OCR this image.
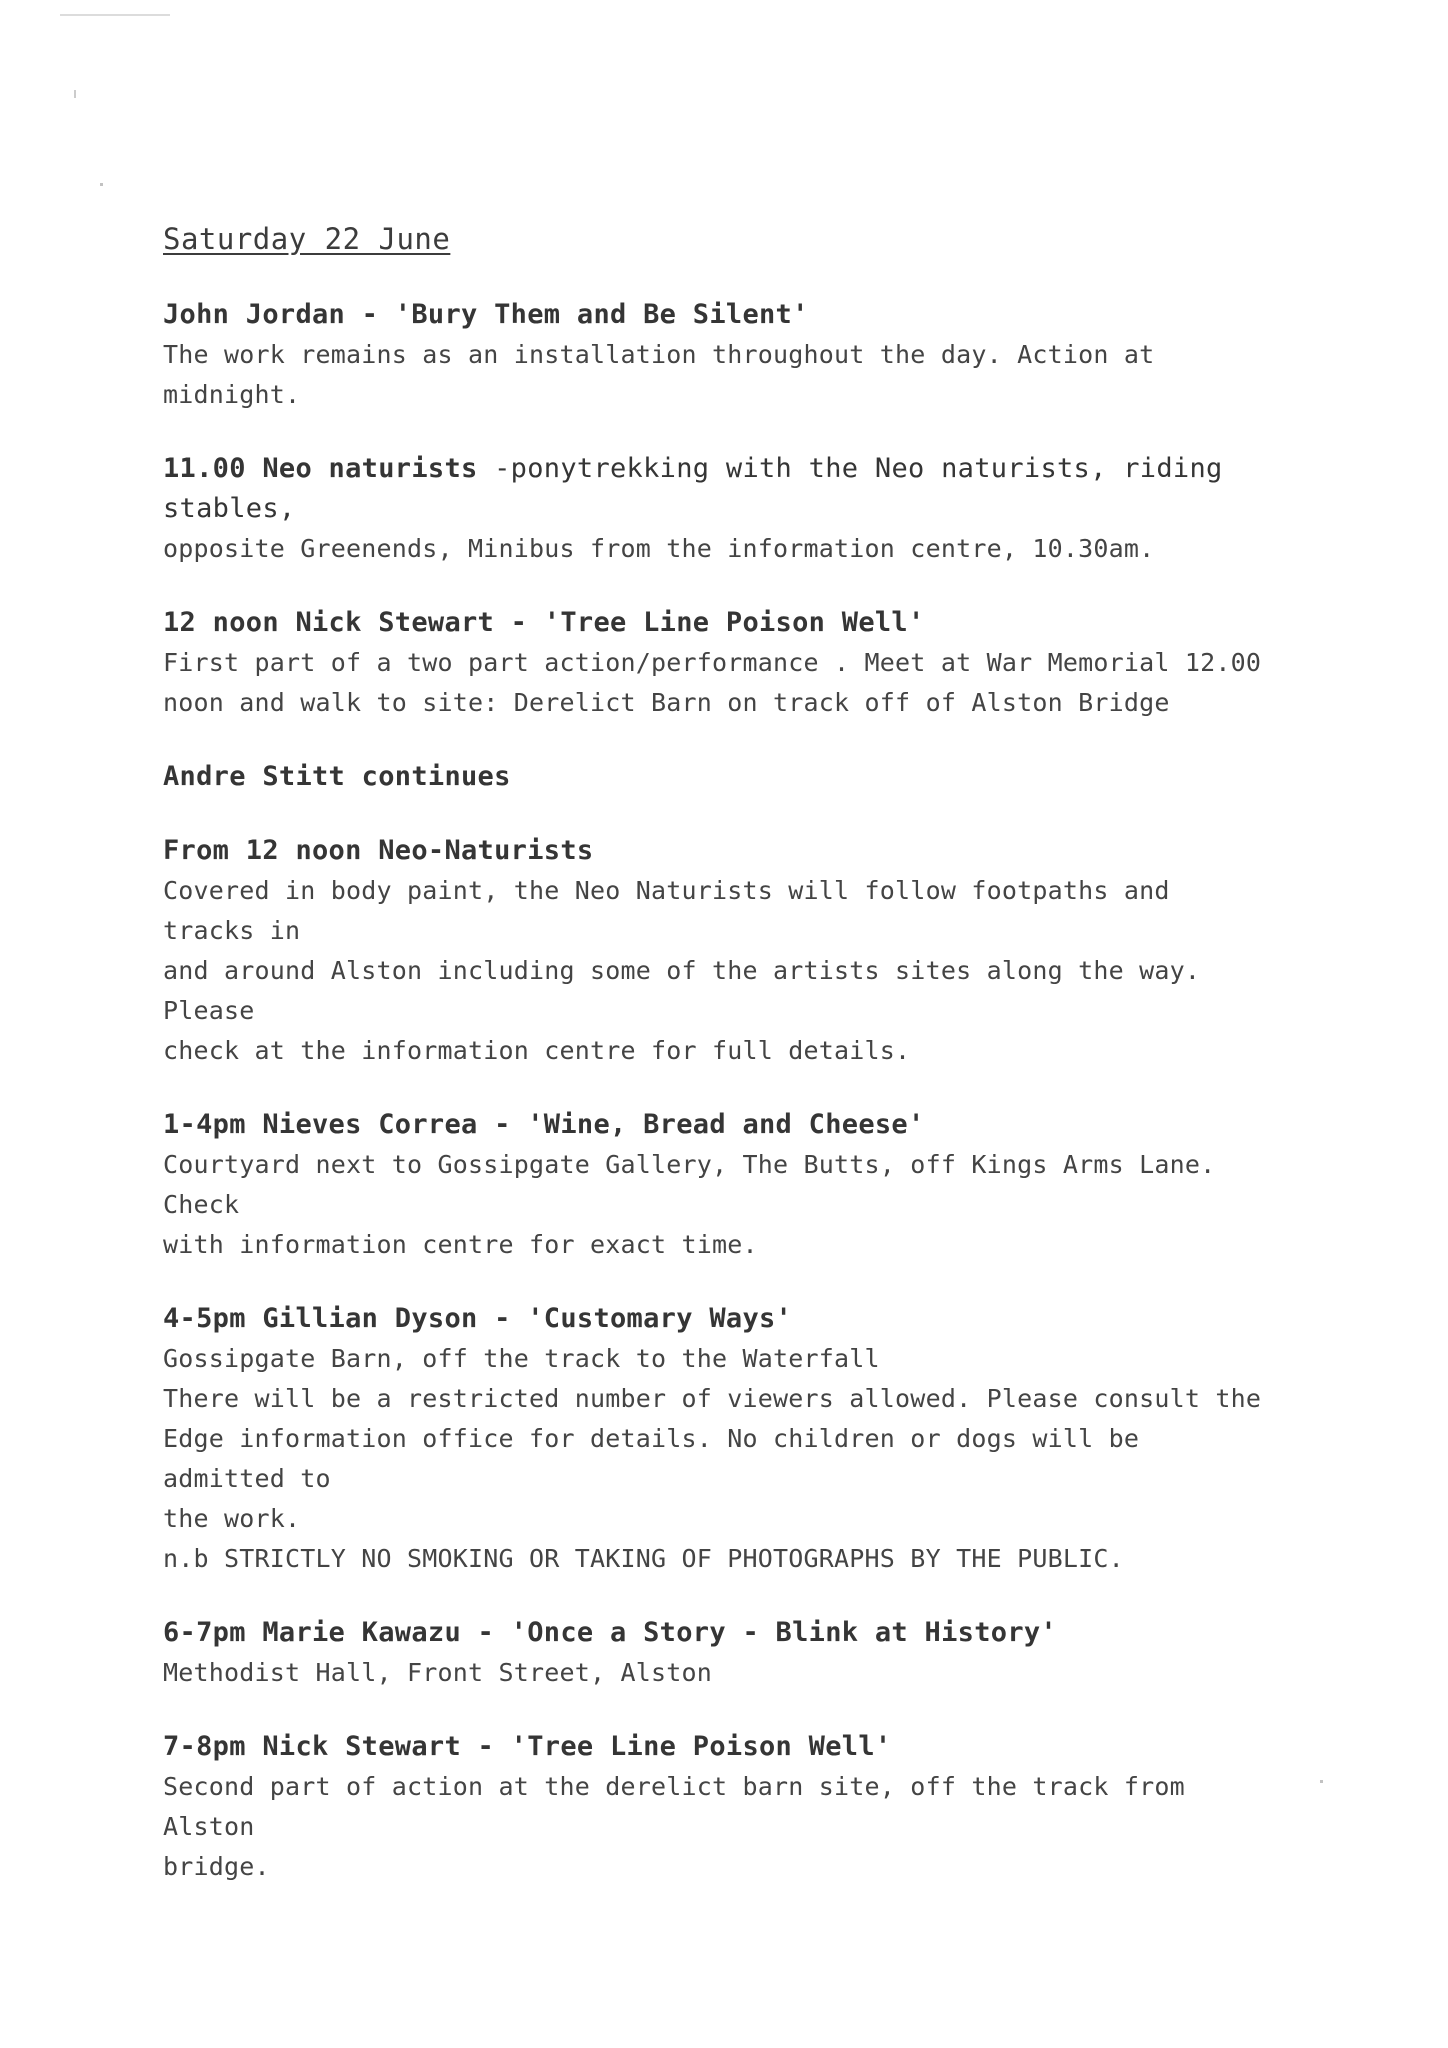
Saturday 22 June
John Jordan - 'Bury Them and Be Silent'
The work remains as an installation throughout the day. Action at midnight.
11.00 Neo naturists -ponytrekking with the Neo naturists, riding stables,
opposite Greenends, Minibus from the information centre, 10.30am.
12 noon Nick Stewart - 'Tree Line Poison Well'
First part of a two part action/performance . Meet at War Memorial 12.00
noon and walk to site: Derelict Barn on track off of Alston Bridge
Andre Stitt continues
From 12 noon Neo-Naturists
Covered in body paint, the Neo Naturists will follow footpaths and tracks in
and around Alston including some of the artists sites along the way. Please
check at the information centre for full details.
1-4pm Nieves Correa - 'Wine, Bread and Cheese'
Courtyard next to Gossipgate Gallery, The Butts, off Kings Arms Lane. Check
with information centre for exact time.
4-5pm Gillian Dyson - 'Customary Ways'
Gossipgate Barn, off the track to the Waterfall
There will be a restricted number of viewers allowed. Please consult the
Edge information office for details. No children or dogs will be admitted to
the work.
n.b STRICTLY NO SMOKING OR TAKING OF PHOTOGRAPHS BY THE PUBLIC.
6-7pm Marie Kawazu - 'Once a Story - Blink at History'
Methodist Hall, Front Street, Alston
7-8pm Nick Stewart - 'Tree Line Poison Well'
Second part of action at the derelict barn site, off the track from Alston
bridge.
